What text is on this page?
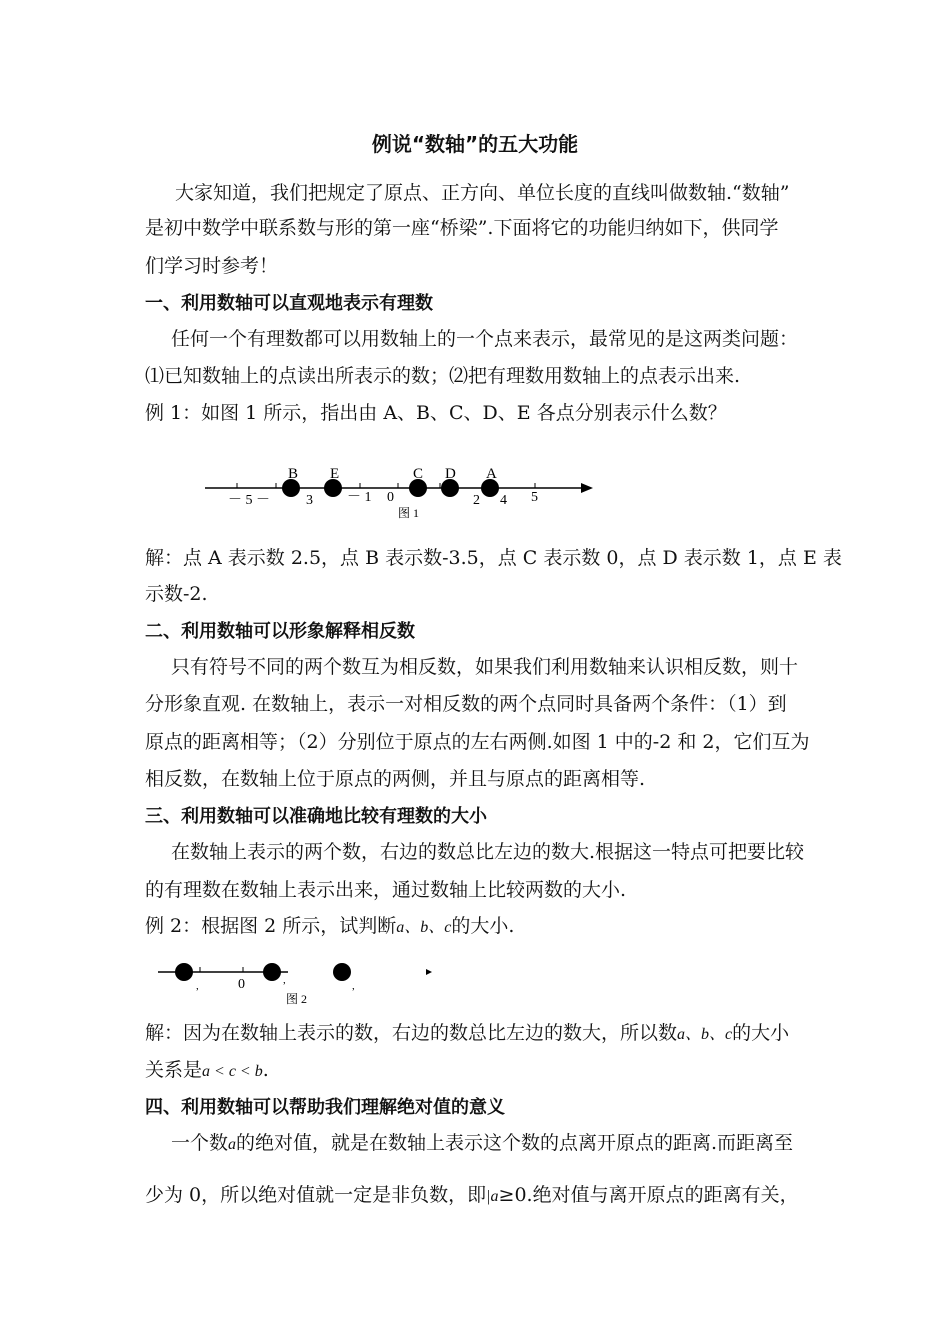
例说“数轴”的五大功能
大家知道，我们把规定了原点、正方向、单位长度的直线叫做数轴.“数轴”
是初中数学中联系数与形的第一座“桥梁”.下面将它的功能归纳如下，供同学
们学习时参考！
一、利用数轴可以直观地表示有理数
任何一个有理数都可以用数轴上的一个点来表示，最常见的是这两类问题：
⑴已知数轴上的点读出所表示的数；⑵把有理数用数轴上的点表示出来.
例 1：如图 1 所示，指出由 A、B、C、D、E 各点分别表示什么数？
B E	C D A
－ 5 －	3 － 1 0	2 4 5
图 1
解：点 A 表示数 2.5，点 B 表示数-3.5，点 C 表示数 0，点 D 表示数 1，点 E 表
示数-2.
二、利用数轴可以形象解释相反数
只有符号不同的两个数互为相反数，如果我们利用数轴来认识相反数，则十
分形象直观. 在数轴上，表示一对相反数的两个点同时具备两个条件：（1）到
原点的距离相等；（2）分别位于原点的左右两侧.如图 1 中的-2 和 2，它们互为
相反数，在数轴上位于原点的两侧，并且与原点的距离相等.
三、利用数轴可以准确地比较有理数的大小
在数轴上表示的两个数，右边的数总比左边的数大.根据这一特点可把要比较
的有理数在数轴上表示出来，通过数轴上比较两数的大小.
例 2：根据图 2 所示，试判断a、b、c的大小.
,	,	,
0
图 2
解：因为在数轴上表示的数，右边的数总比左边的数大，所以数a、b、c的大小
关系是a < c < b.
四、利用数轴可以帮助我们理解绝对值的意义
一个数a的绝对值，就是在数轴上表示这个数的点离开原点的距离.而距离至
少为 0，所以绝对值就一定是非负数，即|a≥0.绝对值与离开原点的距离有关，
